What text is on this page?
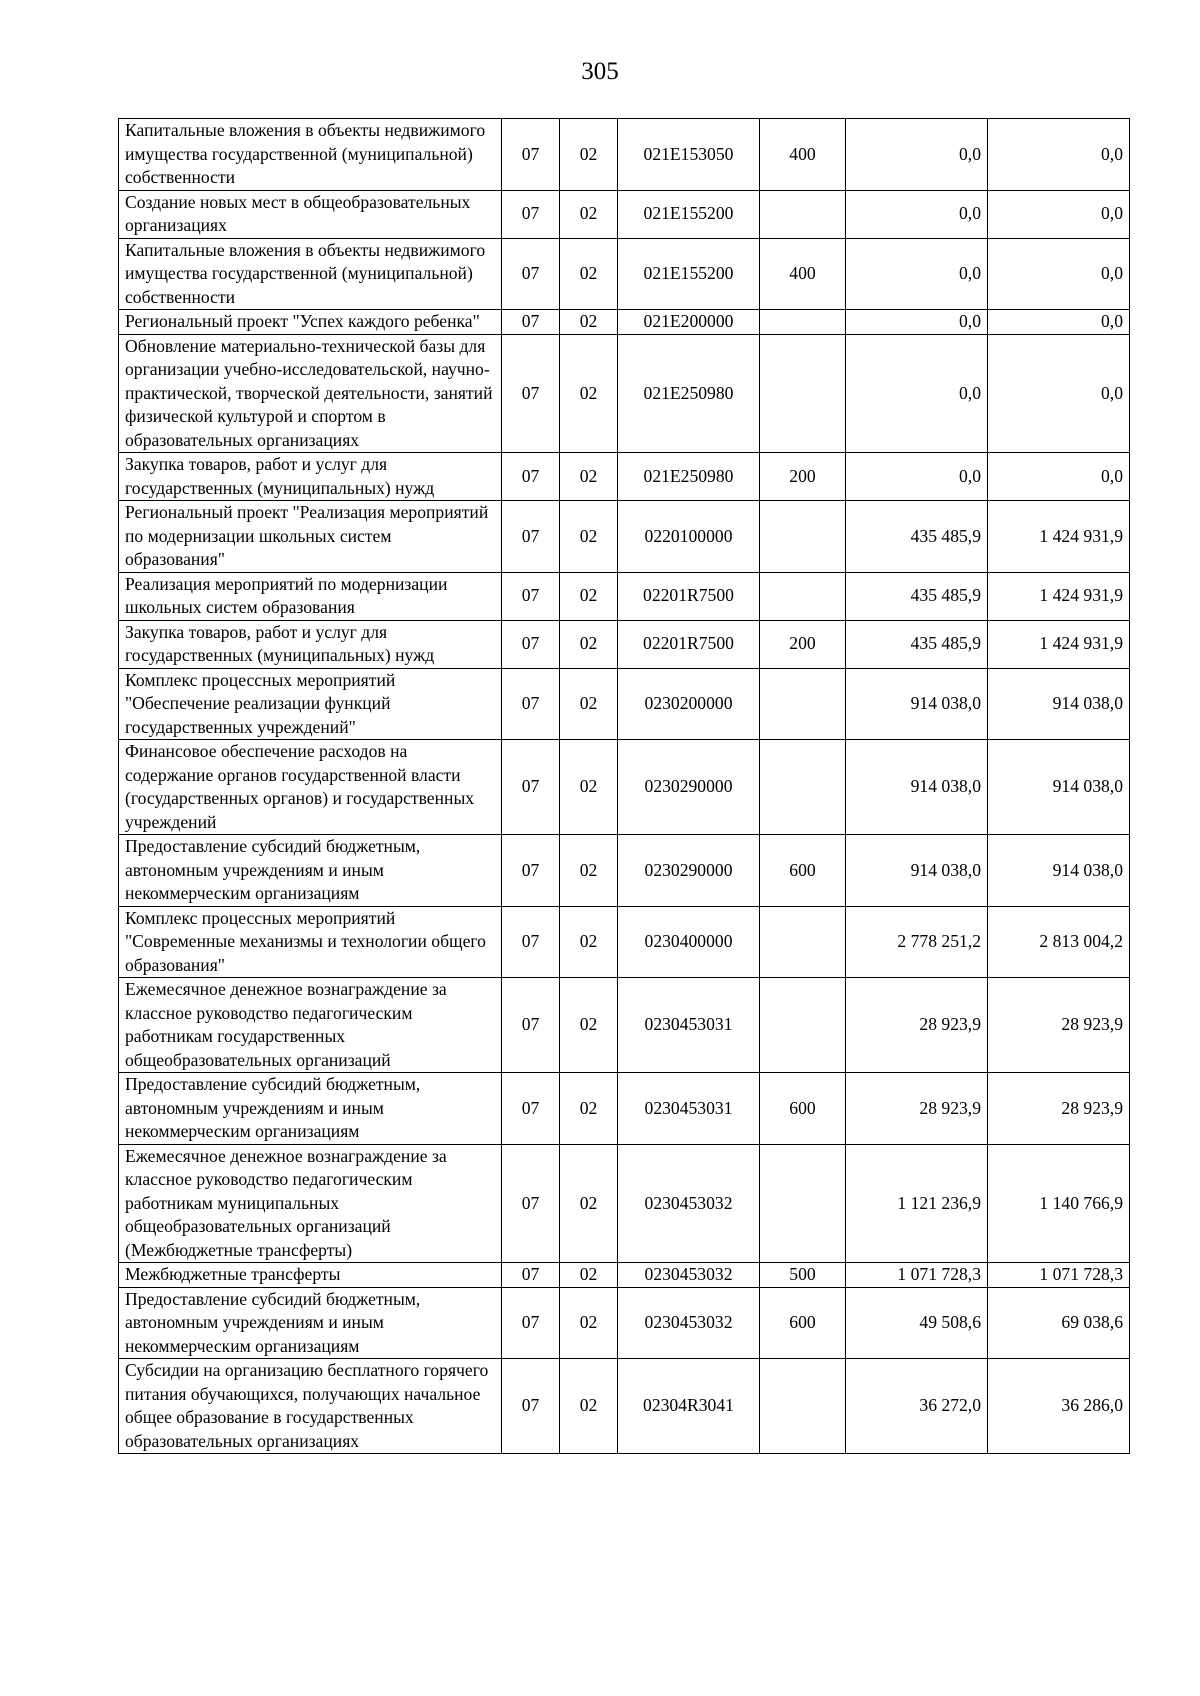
305
Капитальные вложения в объекты недвижимого имущества государственной (муниципальной) собственности	07	02	021Е153050	400	0,0	0,0
Создание новых мест в общеобразовательных организациях	07	02	021Е155200		0,0	0,0
Капитальные вложения в объекты недвижимого имущества государственной (муниципальной) собственности	07	02	021Е155200	400	0,0	0,0
Региональный проект "Успех каждого ребенка"	07	02	021Е200000		0,0	0,0
Обновление материально-технической базы для организации учебно-исследовательской, научно-практической, творческой деятельности, занятий физической культурой и спортом в образовательных организациях	07	02	021Е250980		0,0	0,0
Закупка товаров, работ и услуг для государственных (муниципальных) нужд	07	02	021Е250980	200	0,0	0,0
Региональный проект "Реализация мероприятий по модернизации школьных систем образования"	07	02	0220100000		435 485,9	1 424 931,9
Реализация мероприятий по модернизации школьных систем образования	07	02	02201R7500		435 485,9	1 424 931,9
Закупка товаров, работ и услуг для государственных (муниципальных) нужд	07	02	02201R7500	200	435 485,9	1 424 931,9
Комплекс процессных мероприятий "Обеспечение реализации функций государственных учреждений"	07	02	0230200000		914 038,0	914 038,0
Финансовое обеспечение расходов на содержание органов государственной власти (государственных органов) и государственных учреждений	07	02	0230290000		914 038,0	914 038,0
Предоставление субсидий бюджетным, автономным учреждениям и иным некоммерческим организациям	07	02	0230290000	600	914 038,0	914 038,0
Комплекс процессных мероприятий "Современные механизмы и технологии общего образования"	07	02	0230400000		2 778 251,2	2 813 004,2
Ежемесячное денежное вознаграждение за классное руководство педагогическим работникам государственных общеобразовательных организаций	07	02	0230453031		28 923,9	28 923,9
Предоставление субсидий бюджетным, автономным учреждениям и иным некоммерческим организациям	07	02	0230453031	600	28 923,9	28 923,9
Ежемесячное денежное вознаграждение за классное руководство педагогическим работникам муниципальных общеобразовательных организаций (Межбюджетные трансферты)	07	02	0230453032		1 121 236,9	1 140 766,9
Межбюджетные трансферты	07	02	0230453032	500	1 071 728,3	1 071 728,3
Предоставление субсидий бюджетным, автономным учреждениям и иным некоммерческим организациям	07	02	0230453032	600	49 508,6	69 038,6
Субсидии на организацию бесплатного горячего питания обучающихся, получающих начальное общее образование в государственных образовательных организациях	07	02	02304R3041		36 272,0	36 286,0
